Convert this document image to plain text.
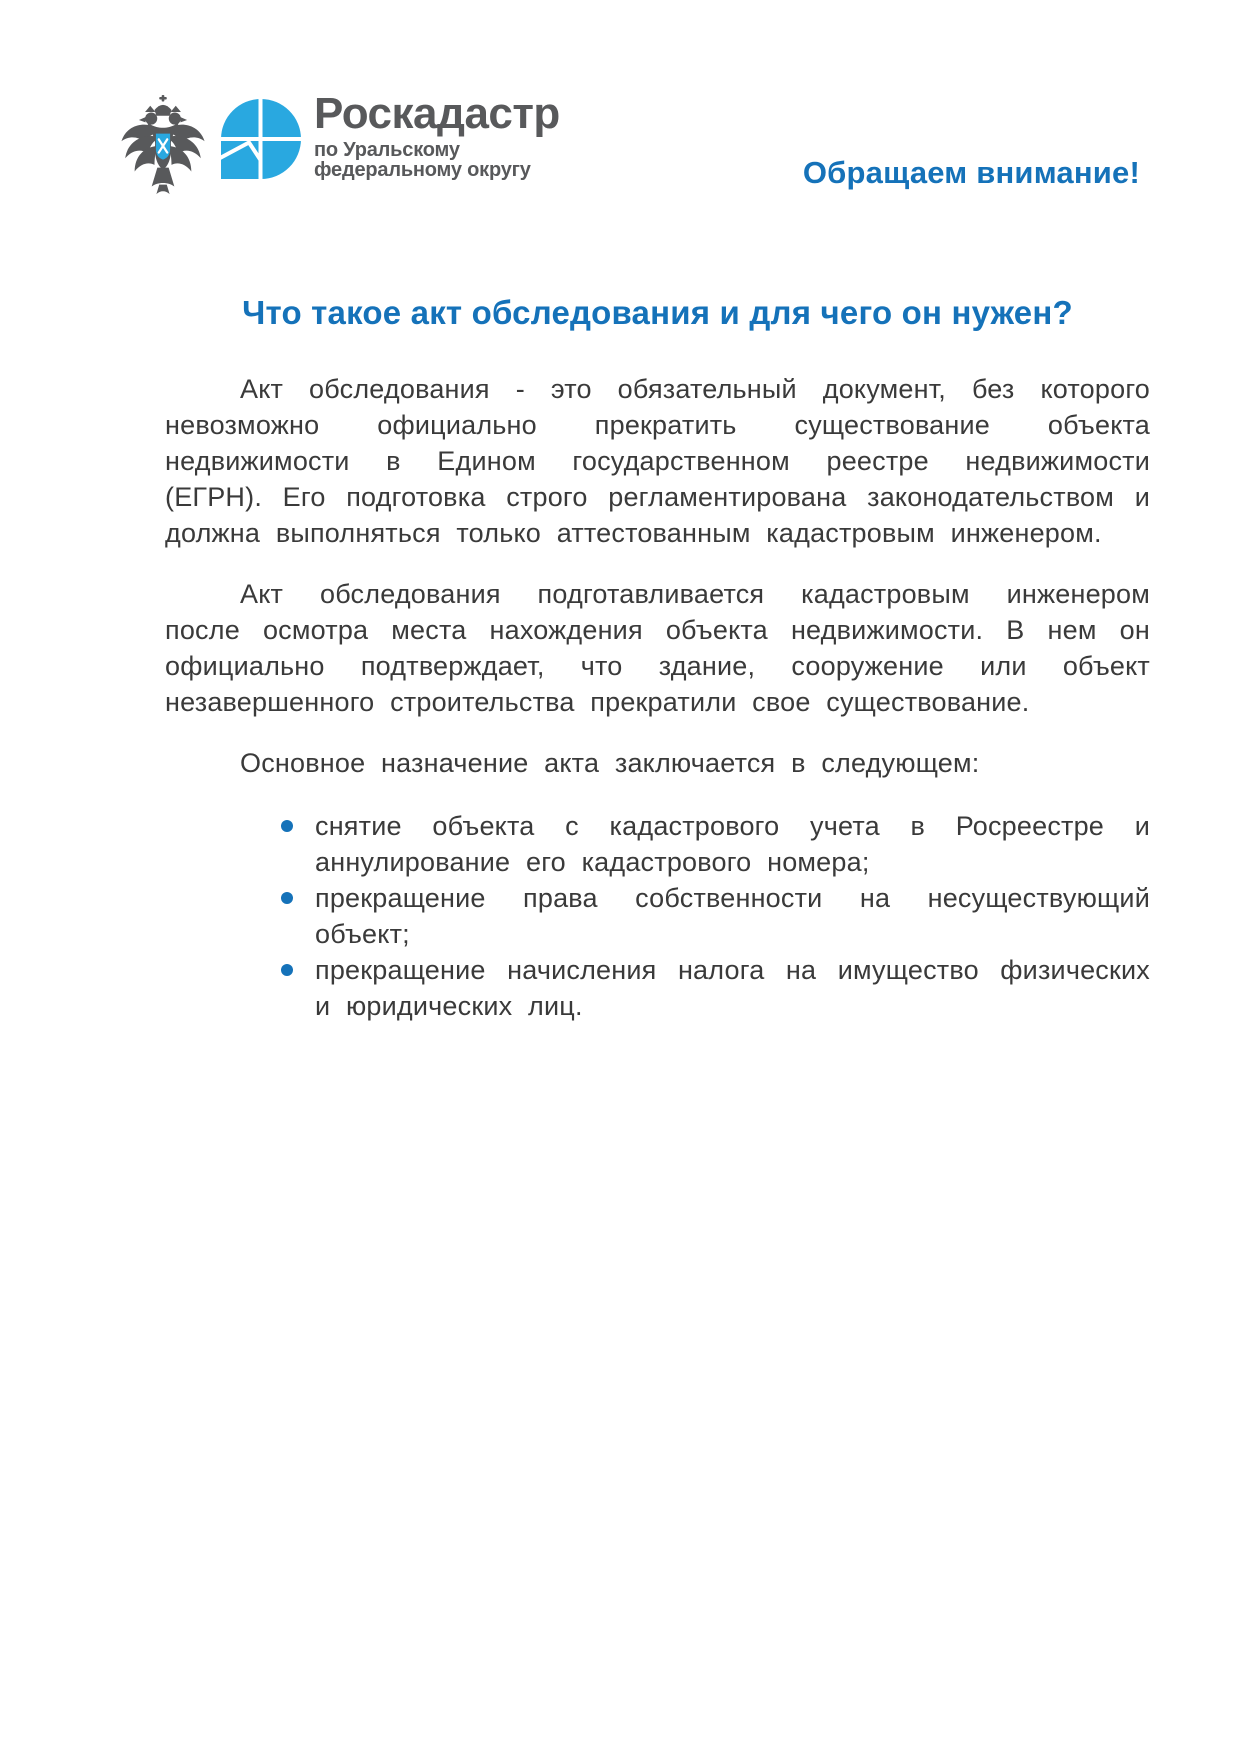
Роскадастр
по Уральскому
федеральному округу	Обращаем внимание!
Что такое акт обследования и для чего он нужен?

Акт обследования - это обязательный документ, без которого невозможно официально прекратить существование объекта недвижимости в Едином государственном реестре недвижимости (ЕГРН). Его подготовка строго регламентирована законодательством и должна выполняться только аттестованным кадастровым инженером.

Акт обследования подготавливается кадастровым инженером после осмотра места нахождения объекта недвижимости. В нем он официально подтверждает, что здание, сооружение или объект незавершенного строительства прекратили свое существование.

Основное назначение акта заключается в следующем:

снятие объекта с кадастрового учета в Росреестре и аннулирование его кадастрового номера;
прекращение права собственности на несуществующий объект;
прекращение начисления налога на имущество физических и юридических лиц.
